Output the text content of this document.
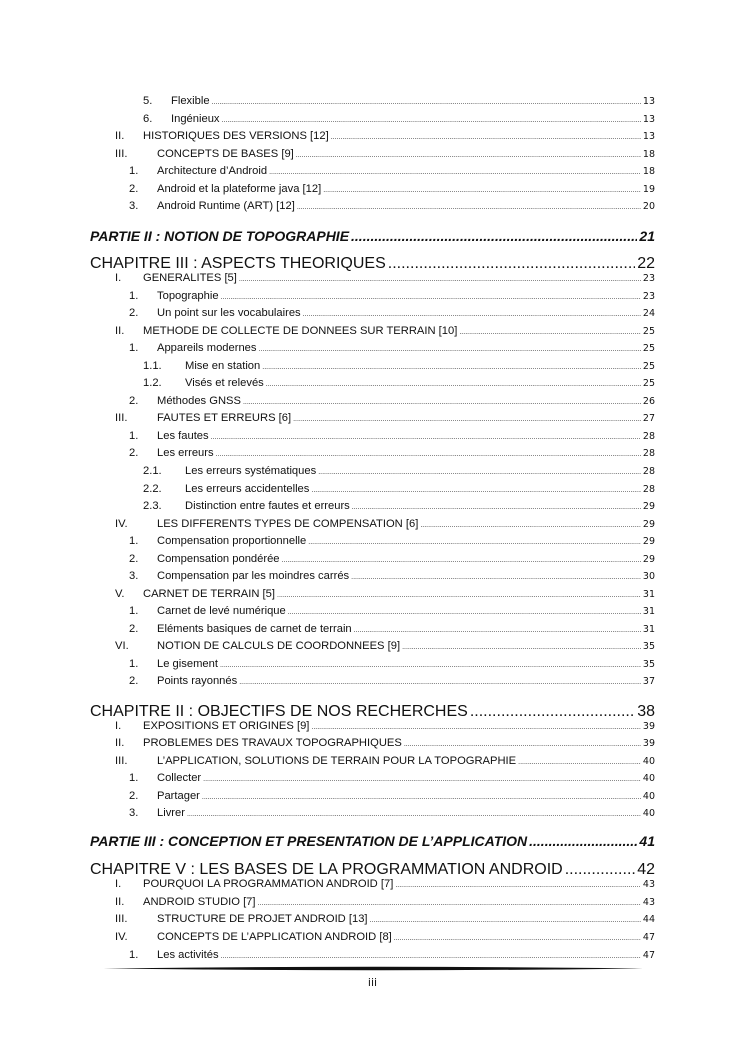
5.	Flexible .....	13
6.	Ingénieux .....	13
II.	HISTORIQUES DES VERSIONS [12] .....	13
III.	CONCEPTS DE BASES [9] .....	18
1.	Architecture d’Android .....	18
2.	Android et la plateforme java [12] .....	19
3.	Android Runtime (ART) [12] .....	20
PARTIE II : NOTION DE TOPOGRAPHIE .....	21
CHAPITRE III : ASPECTS THEORIQUES .....	22
I.	GENERALITES [5] .....	23
1.	Topographie .....	23
2.	Un point sur les vocabulaires .....	24
II.	METHODE DE COLLECTE DE DONNEES SUR TERRAIN [10] .....	25
1.	Appareils modernes .....	25
1.1.	Mise en station .....	25
1.2.	Visés et relevés .....	25
2.	Méthodes GNSS .....	26
III.	FAUTES ET ERREURS [6] .....	27
1.	Les fautes .....	28
2.	Les erreurs .....	28
2.1.	Les erreurs systématiques .....	28
2.2.	Les erreurs accidentelles .....	28
2.3.	Distinction entre fautes et erreurs .....	29
IV.	LES DIFFERENTS TYPES DE COMPENSATION [6] .....	29
1.	Compensation proportionnelle .....	29
2.	Compensation pondérée .....	29
3.	Compensation par les moindres carrés .....	30
V.	CARNET DE TERRAIN [5] .....	31
1.	Carnet de levé numérique .....	31
2.	Eléments basiques de carnet de terrain .....	31
VI.	NOTION DE CALCULS DE COORDONNEES [9] .....	35
1.	Le gisement .....	35
2.	Points rayonnés .....	37
CHAPITRE II : OBJECTIFS DE NOS RECHERCHES .....	38
I.	EXPOSITIONS ET ORIGINES [9] .....	39
II.	PROBLEMES DES TRAVAUX TOPOGRAPHIQUES .....	39
III.	L’APPLICATION, SOLUTIONS DE TERRAIN POUR LA TOPOGRAPHIE .....	40
1.	Collecter .....	40
2.	Partager .....	40
3.	Livrer .....	40
PARTIE III : CONCEPTION ET PRESENTATION DE L’APPLICATION .....	41
CHAPITRE V : LES BASES DE LA PROGRAMMATION ANDROID .....	42
I.	POURQUOI LA PROGRAMMATION ANDROID [7] .....	43
II.	ANDROID STUDIO [7] .....	43
III.	STRUCTURE DE PROJET ANDROID [13] .....	44
IV.	CONCEPTS DE L’APPLICATION ANDROID [8] .....	47
1.	Les activités .....	47
iii
